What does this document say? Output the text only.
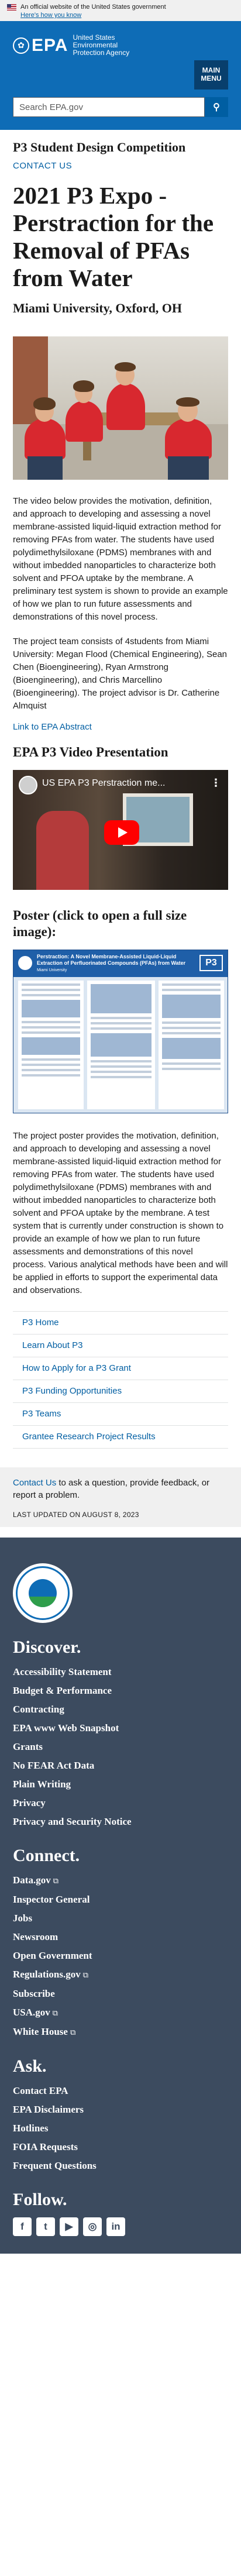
An official website of the United States government
Here's how you know
✿ EPA United States Environmental Protection Agency
MAIN MENU
Search EPA.gov
⚲
P3 Student Design Competition
CONTACT US
2021 P3 Expo - Perstraction for the Removal of PFAs from Water
Miami University, Oxford, OH

The video below provides the motivation, definition, and approach to developing and assessing a novel membrane-assisted liquid-liquid extraction method for removing PFAs from water. The students have used polydimethylsiloxane (PDMS) membranes with and without imbedded nanoparticles to characterize both solvent and PFOA uptake by the membrane. A preliminary test system is shown to provide an example of how we plan to run future assessments and demonstrations of this novel process.

The project team consists of 4students from Miami University: Megan Flood (Chemical Engineering), Sean Chen (Bioengineering), Ryan Armstrong (Bioengineering), and Chris Marcellino (Bioengineering). The project advisor is Dr. Catherine Almquist

Link to EPA Abstract
EPA P3 Video Presentation
US EPA P3 Perstraction me...	⋮
Poster (click to open a full size image):
Perstraction: A Novel Membrane-Assisted Liquid-Liquid Extraction of Perfluorinated Compounds (PFAs) from Water
Miami University
P3

The project poster provides the motivation, definition, and approach to developing and assessing a novel membrane-assisted liquid-liquid extraction method for removing PFAs from water. The students have used polydimethylsiloxane (PDMS) membranes with and without imbedded nanoparticles to characterize both solvent and PFOA uptake by the membrane. A test system that is currently under construction is shown to provide an example of how we plan to run future assessments and demonstrations of this novel process. Various analytical methods have been and will be applied in efforts to support the experimental data and observations.

P3 Home
Learn About P3
How to Apply for a P3 Grant
P3 Funding Opportunities
P3 Teams
Grantee Research Project Results

Contact Us to ask a question, provide feedback, or report a problem.

LAST UPDATED ON AUGUST 8, 2023
Discover.
Accessibility Statement
Budget & Performance
Contracting
EPA www Web Snapshot
Grants
No FEAR Act Data
Plain Writing
Privacy
Privacy and Security Notice
Connect.
Data.gov ⧉
Inspector General
Jobs
Newsroom
Open Government
Regulations.gov ⧉
Subscribe
USA.gov ⧉
White House ⧉
Ask.
Contact EPA
EPA Disclaimers
Hotlines
FOIA Requests
Frequent Questions
Follow.
f	t	▶	◎	in
